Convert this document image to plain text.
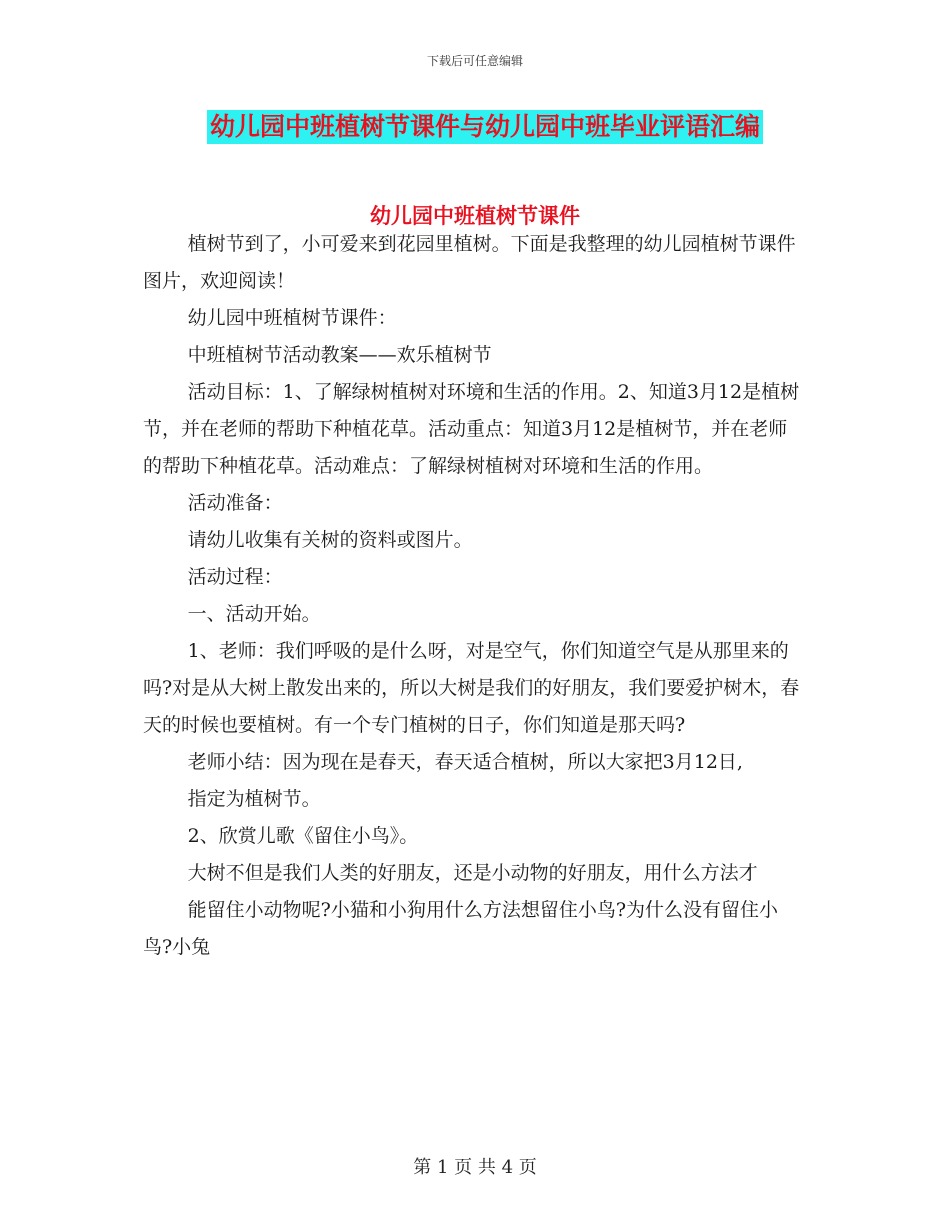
下载后可任意编辑
幼儿园中班植树节课件与幼儿园中班毕业评语汇编
幼儿园中班植树节课件

植树节到了，小可爱来到花园里植树。下面是我整理的幼儿园植树节课件图片，欢迎阅读！

幼儿园中班植树节课件：

中班植树节活动教案——欢乐植树节

活动目标：1、了解绿树植树对环境和生活的作用。2、知道3月12是植树节，并在老师的帮助下种植花草。活动重点：知道3月12是植树节，并在老师的帮助下种植花草。活动难点：了解绿树植树对环境和生活的作用。

活动准备：

请幼儿收集有关树的资料或图片。

活动过程：

一、活动开始。

1、老师：我们呼吸的是什么呀，对是空气，你们知道空气是从那里来的吗?对是从大树上散发出来的，所以大树是我们的好朋友，我们要爱护树木，春天的时候也要植树。有一个专门植树的日子，你们知道是那天吗?

老师小结：因为现在是春天，春天适合植树，所以大家把3月12日,

指定为植树节。

2、欣赏儿歌《留住小鸟》。

大树不但是我们人类的好朋友，还是小动物的好朋友，用什么方法才

能留住小动物呢?小猫和小狗用什么方法想留住小鸟?为什么没有留住小鸟?小兔

第 1 页 共 4 页
